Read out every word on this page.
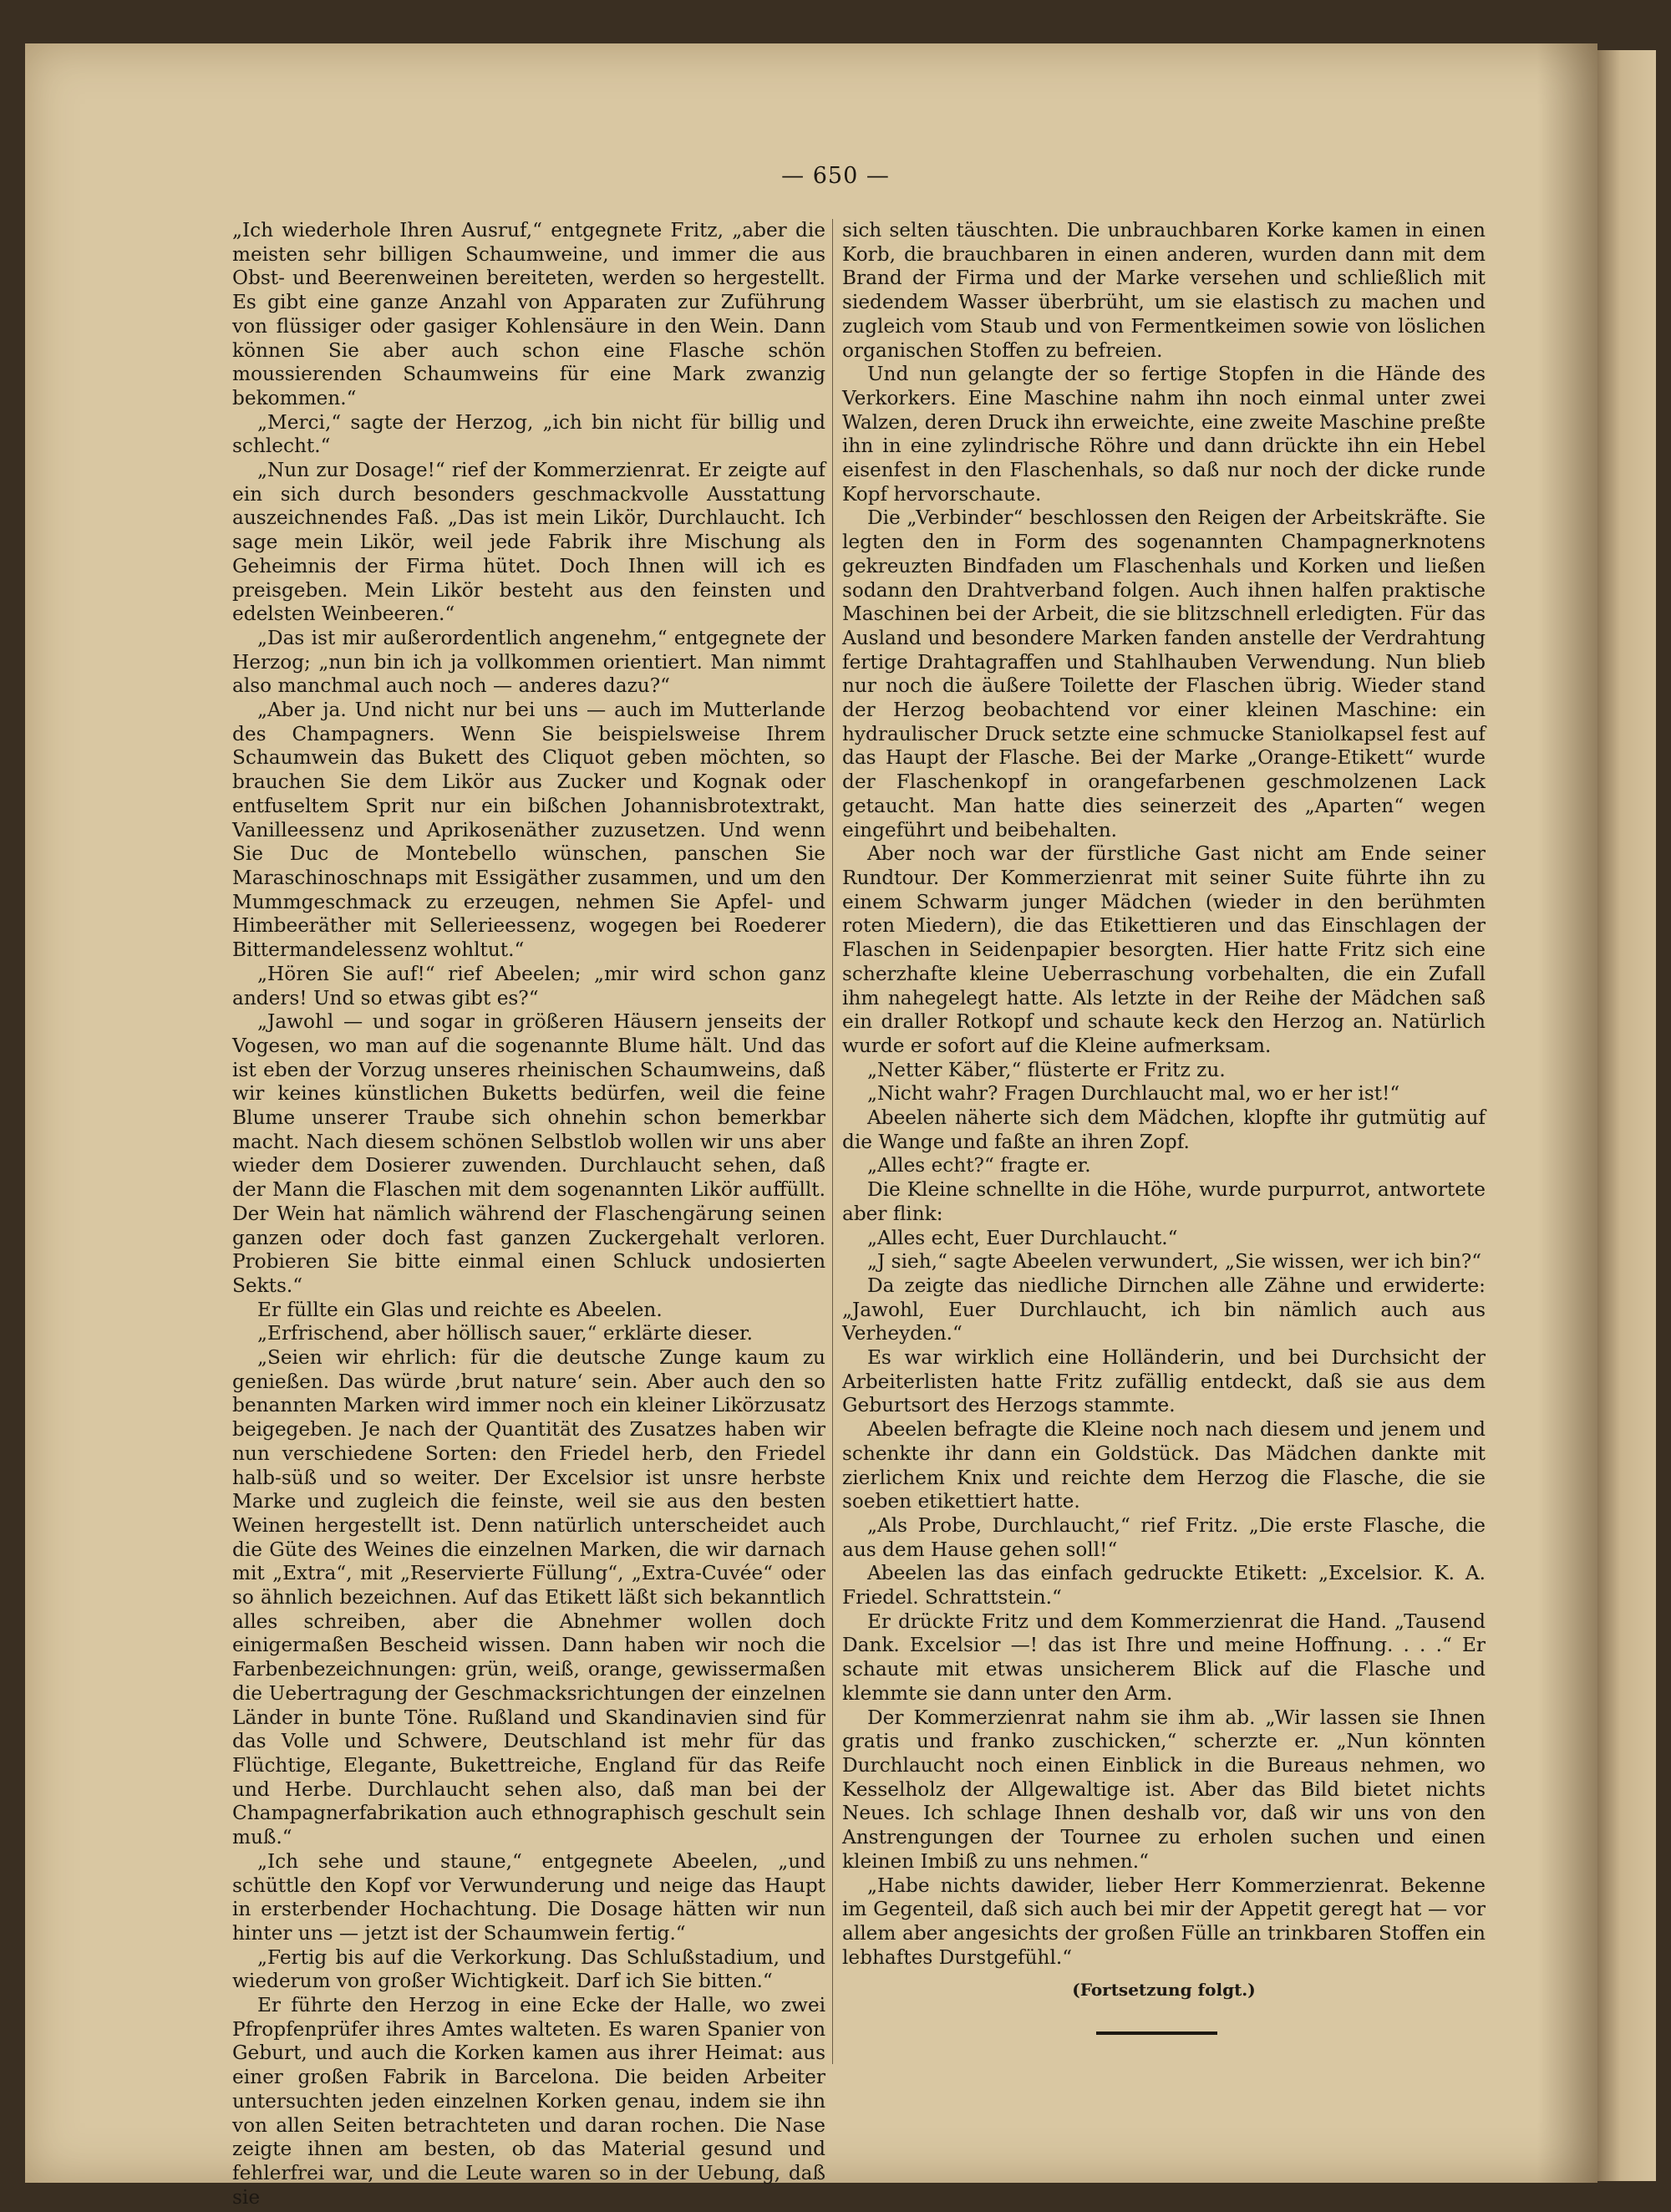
— 650 —

„Ich wiederhole Ihren Ausruf,“ entgegnete Fritz, „aber die meisten sehr billigen Schaumweine, und immer die aus Obst- und Beerenweinen bereiteten, werden so hergestellt. Es gibt eine ganze Anzahl von Apparaten zur Zuführung von flüssiger oder gasiger Kohlensäure in den Wein. Dann können Sie aber auch schon eine Flasche schön moussierenden Schaumweins für eine Mark zwanzig bekommen.“

„Merci,“ sagte der Herzog, „ich bin nicht für billig und schlecht.“

„Nun zur Dosage!“ rief der Kommerzienrat. Er zeigte auf ein sich durch besonders geschmackvolle Ausstattung auszeichnendes Faß. „Das ist mein Likör, Durchlaucht. Ich sage mein Likör, weil jede Fabrik ihre Mischung als Geheimnis der Firma hütet. Doch Ihnen will ich es preisgeben. Mein Likör besteht aus den feinsten und edelsten Weinbeeren.“

„Das ist mir außerordentlich angenehm,“ entgegnete der Herzog; „nun bin ich ja vollkommen orientiert. Man nimmt also manchmal auch noch — anderes dazu?“

„Aber ja. Und nicht nur bei uns — auch im Mutterlande des Champagners. Wenn Sie beispielsweise Ihrem Schaumwein das Bukett des Cliquot geben möchten, so brauchen Sie dem Likör aus Zucker und Kognak oder entfuseltem Sprit nur ein bißchen Johannisbrotextrakt, Vanilleessenz und Aprikosenäther zuzusetzen. Und wenn Sie Duc de Montebello wünschen, panschen Sie Maraschinoschnaps mit Essigäther zusammen, und um den Mummgeschmack zu erzeugen, nehmen Sie Apfel- und Himbeeräther mit Sellerieessenz, wogegen bei Roederer Bittermandelessenz wohltut.“

„Hören Sie auf!“ rief Abeelen; „mir wird schon ganz anders! Und so etwas gibt es?“

„Jawohl — und sogar in größeren Häusern jenseits der Vogesen, wo man auf die sogenannte Blume hält. Und das ist eben der Vorzug unseres rheinischen Schaumweins, daß wir keines künstlichen Buketts bedürfen, weil die feine Blume unserer Traube sich ohnehin schon bemerkbar macht. Nach diesem schönen Selbstlob wollen wir uns aber wieder dem Dosierer zuwenden. Durchlaucht sehen, daß der Mann die Flaschen mit dem sogenannten Likör auffüllt. Der Wein hat nämlich während der Flaschengärung seinen ganzen oder doch fast ganzen Zuckergehalt verloren. Probieren Sie bitte einmal einen Schluck undosierten Sekts.“

Er füllte ein Glas und reichte es Abeelen.

„Erfrischend, aber höllisch sauer,“ erklärte dieser.

„Seien wir ehrlich: für die deutsche Zunge kaum zu genießen. Das würde ‚brut nature‘ sein. Aber auch den so benannten Marken wird immer noch ein kleiner Likörzusatz beigegeben. Je nach der Quantität des Zusatzes haben wir nun verschiedene Sorten: den Friedel herb, den Friedel halb-süß und so weiter. Der Excelsior ist unsre herbste Marke und zugleich die feinste, weil sie aus den besten Weinen hergestellt ist. Denn natürlich unterscheidet auch die Güte des Weines die einzelnen Marken, die wir darnach mit „Extra“, mit „Reservierte Füllung“, „Extra-Cuvée“ oder so ähnlich bezeichnen. Auf das Etikett läßt sich bekanntlich alles schreiben, aber die Abnehmer wollen doch einigermaßen Bescheid wissen. Dann haben wir noch die Farbenbezeichnungen: grün, weiß, orange, gewissermaßen die Uebertragung der Geschmacksrichtungen der einzelnen Länder in bunte Töne. Rußland und Skandinavien sind für das Volle und Schwere, Deutschland ist mehr für das Flüchtige, Elegante, Bukettreiche, England für das Reife und Herbe. Durchlaucht sehen also, daß man bei der Champagnerfabrikation auch ethnographisch geschult sein muß.“

„Ich sehe und staune,“ entgegnete Abeelen, „und schüttle den Kopf vor Verwunderung und neige das Haupt in ersterbender Hochachtung. Die Dosage hätten wir nun hinter uns — jetzt ist der Schaumwein fertig.“

„Fertig bis auf die Verkorkung. Das Schlußstadium, und wiederum von großer Wichtigkeit. Darf ich Sie bitten.“

Er führte den Herzog in eine Ecke der Halle, wo zwei Pfropfenprüfer ihres Amtes walteten. Es waren Spanier von Geburt, und auch die Korken kamen aus ihrer Heimat: aus einer großen Fabrik in Barcelona. Die beiden Arbeiter untersuchten jeden einzelnen Korken genau, indem sie ihn von allen Seiten betrachteten und daran rochen. Die Nase zeigte ihnen am besten, ob das Material gesund und fehlerfrei war, und die Leute waren so in der Uebung, daß sie

sich selten täuschten. Die unbrauchbaren Korke kamen in einen Korb, die brauchbaren in einen anderen, wurden dann mit dem Brand der Firma und der Marke versehen und schließlich mit siedendem Wasser überbrüht, um sie elastisch zu machen und zugleich vom Staub und von Fermentkeimen sowie von löslichen organischen Stoffen zu befreien.

Und nun gelangte der so fertige Stopfen in die Hände des Verkorkers. Eine Maschine nahm ihn noch einmal unter zwei Walzen, deren Druck ihn erweichte, eine zweite Maschine preßte ihn in eine zylindrische Röhre und dann drückte ihn ein Hebel eisenfest in den Flaschenhals, so daß nur noch der dicke runde Kopf hervorschaute.

Die „Verbinder“ beschlossen den Reigen der Arbeitskräfte. Sie legten den in Form des sogenannten Champagnerknotens gekreuzten Bindfaden um Flaschenhals und Korken und ließen sodann den Drahtverband folgen. Auch ihnen halfen praktische Maschinen bei der Arbeit, die sie blitzschnell erledigten. Für das Ausland und besondere Marken fanden anstelle der Verdrahtung fertige Drahtagraffen und Stahlhauben Verwendung. Nun blieb nur noch die äußere Toilette der Flaschen übrig. Wieder stand der Herzog beobachtend vor einer kleinen Maschine: ein hydraulischer Druck setzte eine schmucke Staniolkapsel fest auf das Haupt der Flasche. Bei der Marke „Orange-Etikett“ wurde der Flaschenkopf in orangefarbenen geschmolzenen Lack getaucht. Man hatte dies seinerzeit des „Aparten“ wegen eingeführt und beibehalten.

Aber noch war der fürstliche Gast nicht am Ende seiner Rundtour. Der Kommerzienrat mit seiner Suite führte ihn zu einem Schwarm junger Mädchen (wieder in den berühmten roten Miedern), die das Etikettieren und das Einschlagen der Flaschen in Seidenpapier besorgten. Hier hatte Fritz sich eine scherzhafte kleine Ueberraschung vorbehalten, die ein Zufall ihm nahegelegt hatte. Als letzte in der Reihe der Mädchen saß ein draller Rotkopf und schaute keck den Herzog an. Natürlich wurde er sofort auf die Kleine aufmerksam.

„Netter Käber,“ flüsterte er Fritz zu.

„Nicht wahr? Fragen Durchlaucht mal, wo er her ist!“

Abeelen näherte sich dem Mädchen, klopfte ihr gutmütig auf die Wange und faßte an ihren Zopf.

„Alles echt?“ fragte er.

Die Kleine schnellte in die Höhe, wurde purpurrot, antwortete aber flink:

„Alles echt, Euer Durchlaucht.“

„J sieh,“ sagte Abeelen verwundert, „Sie wissen, wer ich bin?“

Da zeigte das niedliche Dirnchen alle Zähne und erwiderte: „Jawohl, Euer Durchlaucht, ich bin nämlich auch aus Verheyden.“

Es war wirklich eine Holländerin, und bei Durchsicht der Arbeiterlisten hatte Fritz zufällig entdeckt, daß sie aus dem Geburtsort des Herzogs stammte.

Abeelen befragte die Kleine noch nach diesem und jenem und schenkte ihr dann ein Goldstück. Das Mädchen dankte mit zierlichem Knix und reichte dem Herzog die Flasche, die sie soeben etikettiert hatte.

„Als Probe, Durchlaucht,“ rief Fritz. „Die erste Flasche, die aus dem Hause gehen soll!“

Abeelen las das einfach gedruckte Etikett: „Excelsior. K. A. Friedel. Schrattstein.“

Er drückte Fritz und dem Kommerzienrat die Hand. „Tausend Dank. Excelsior —! das ist Ihre und meine Hoffnung. . . .“ Er schaute mit etwas unsicherem Blick auf die Flasche und klemmte sie dann unter den Arm.

Der Kommerzienrat nahm sie ihm ab. „Wir lassen sie Ihnen gratis und franko zuschicken,“ scherzte er. „Nun könnten Durchlaucht noch einen Einblick in die Bureaus nehmen, wo Kesselholz der Allgewaltige ist. Aber das Bild bietet nichts Neues. Ich schlage Ihnen deshalb vor, daß wir uns von den Anstrengungen der Tournee zu erholen suchen und einen kleinen Imbiß zu uns nehmen.“

„Habe nichts dawider, lieber Herr Kommerzienrat. Bekenne im Gegenteil, daß sich auch bei mir der Appetit geregt hat — vor allem aber angesichts der großen Fülle an trinkbaren Stoffen ein lebhaftes Durstgefühl.“

(Fortsetzung folgt.)
